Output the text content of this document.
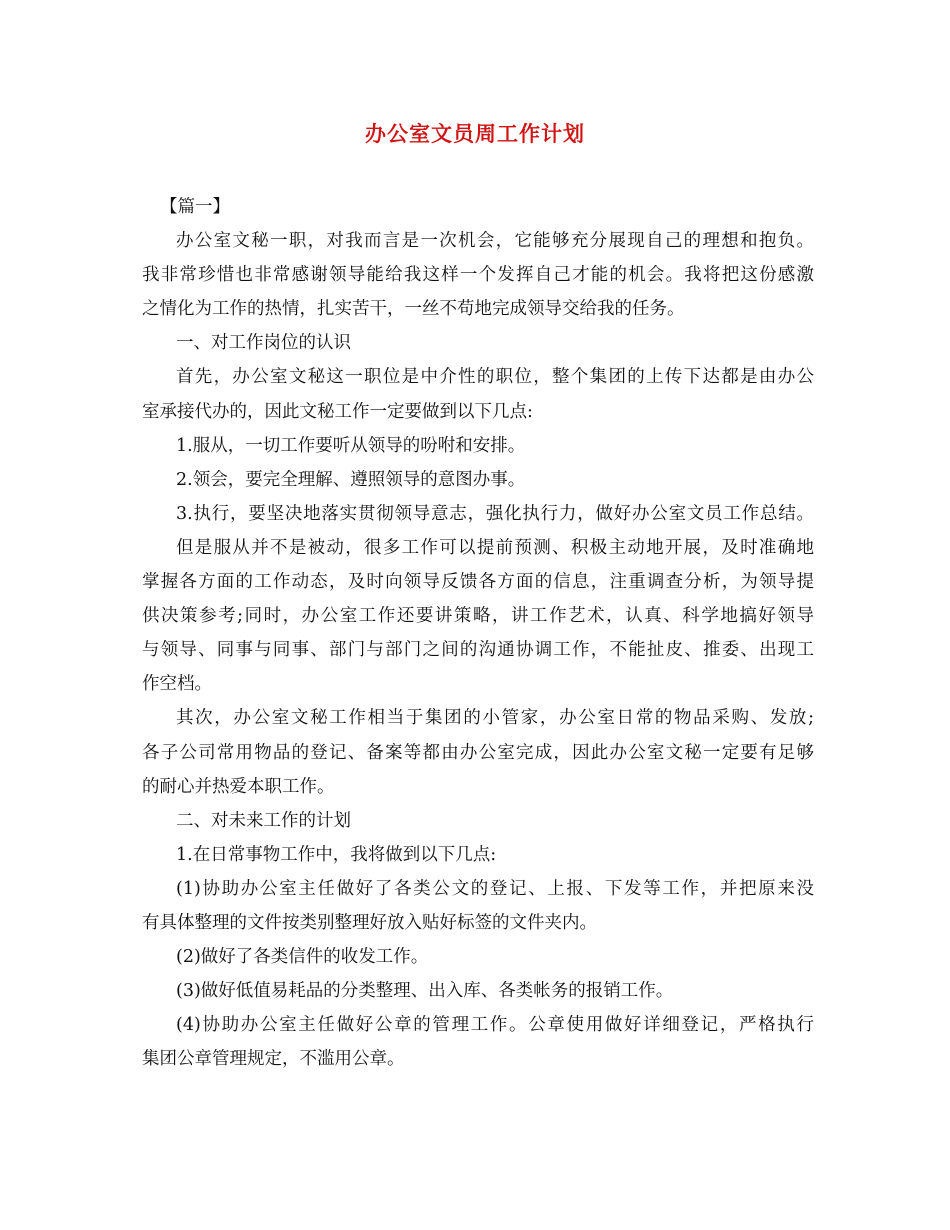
办公室文员周工作计划
【篇一】
办公室文秘一职，对我而言是一次机会，它能够充分展现自己的理想和抱负。
我非常珍惜也非常感谢领导能给我这样一个发挥自己才能的机会。我将把这份感激
之情化为工作的热情，扎实苦干，一丝不苟地完成领导交给我的任务。
一、对工作岗位的认识
首先，办公室文秘这一职位是中介性的职位，整个集团的上传下达都是由办公
室承接代办的，因此文秘工作一定要做到以下几点:
1.服从，一切工作要听从领导的吩咐和安排。
2.领会，要完全理解、遵照领导的意图办事。
3.执行，要坚决地落实贯彻领导意志，强化执行力，做好办公室文员工作总结。
但是服从并不是被动，很多工作可以提前预测、积极主动地开展，及时准确地
掌握各方面的工作动态，及时向领导反馈各方面的信息，注重调查分析，为领导提
供决策参考;同时，办公室工作还要讲策略，讲工作艺术，认真、科学地搞好领导
与领导、同事与同事、部门与部门之间的沟通协调工作，不能扯皮、推委、出现工
作空档。
其次，办公室文秘工作相当于集团的小管家，办公室日常的物品采购、发放;
各子公司常用物品的登记、备案等都由办公室完成，因此办公室文秘一定要有足够
的耐心并热爱本职工作。
二、对未来工作的计划
1.在日常事物工作中，我将做到以下几点:
(1)协助办公室主任做好了各类公文的登记、上报、下发等工作，并把原来没
有具体整理的文件按类别整理好放入贴好标签的文件夹内。
(2)做好了各类信件的收发工作。
(3)做好低值易耗品的分类整理、出入库、各类帐务的报销工作。
(4)协助办公室主任做好公章的管理工作。公章使用做好详细登记，严格执行
集团公章管理规定，不滥用公章。
